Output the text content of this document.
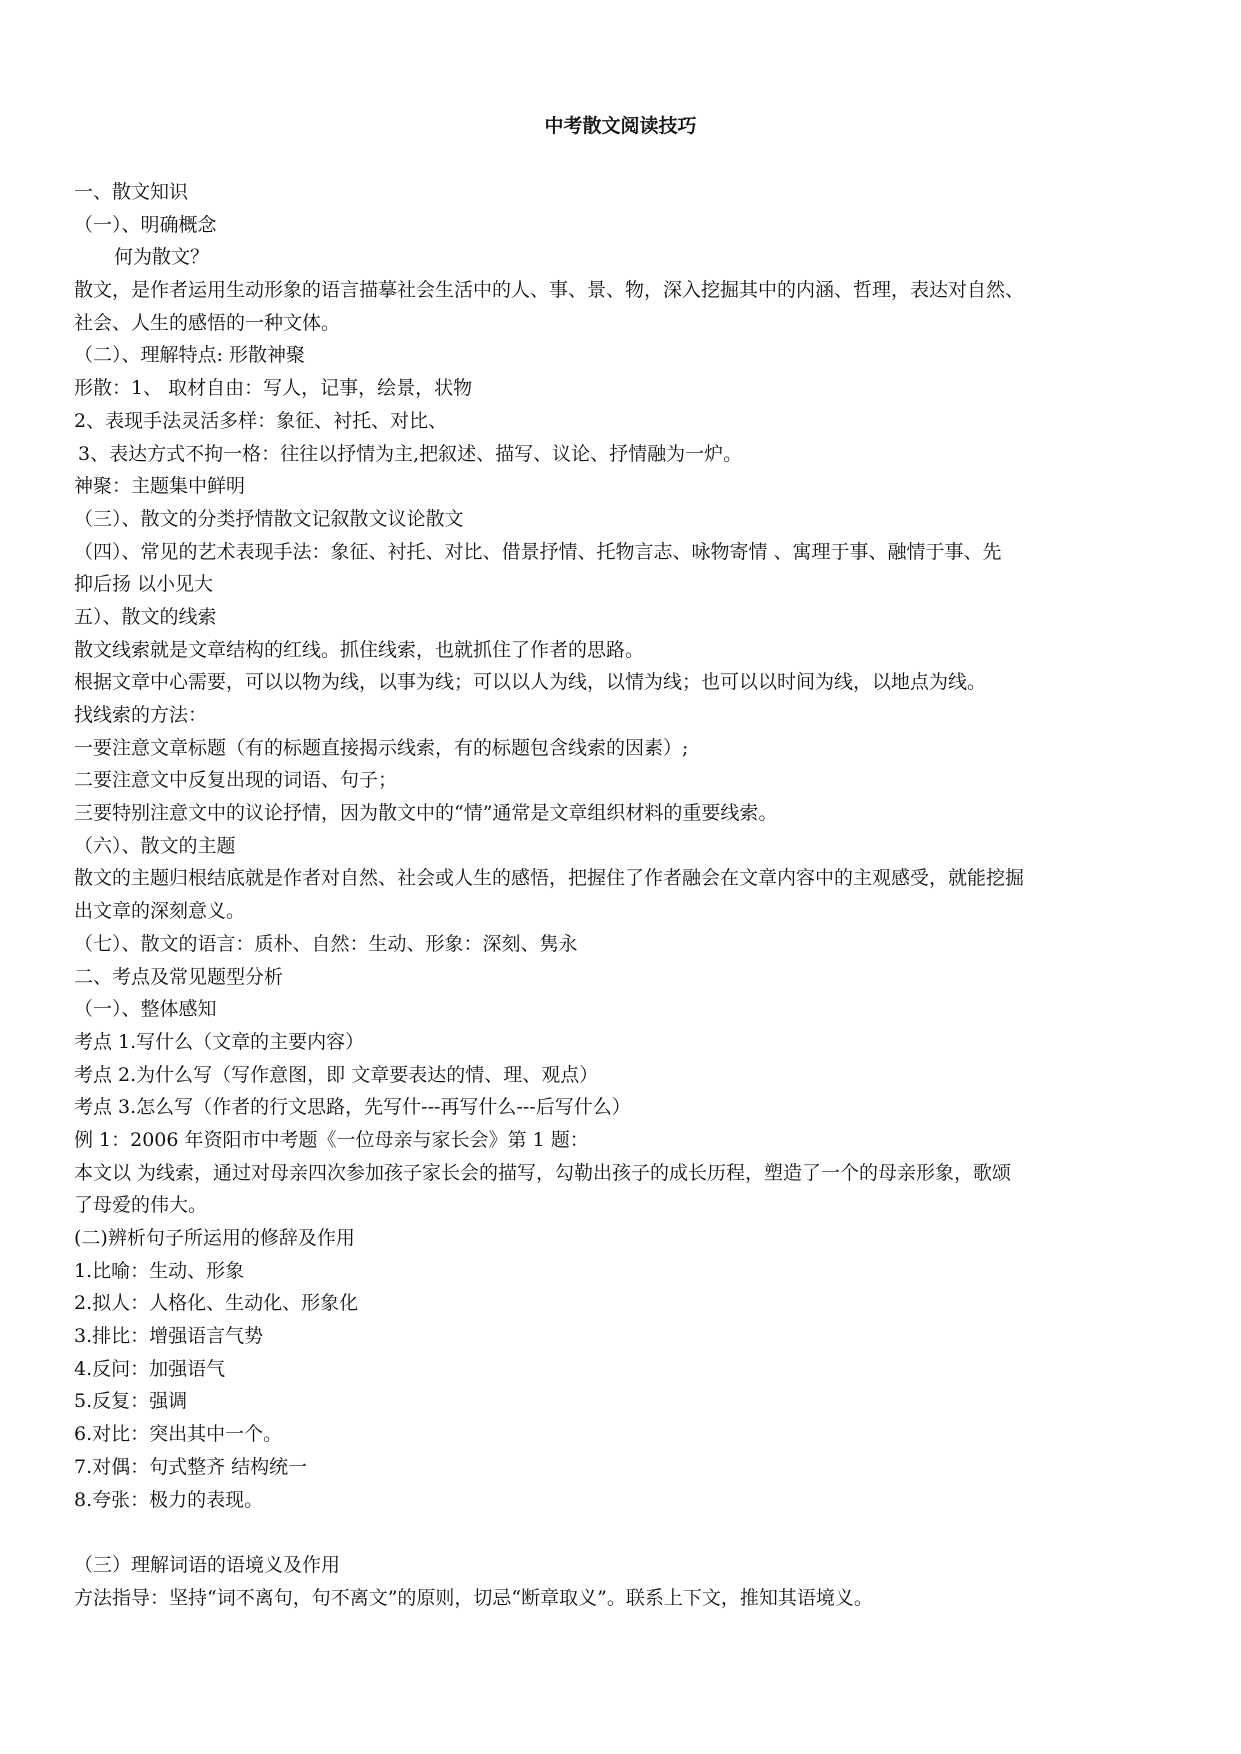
中考散文阅读技巧
一、散文知识
（一）、明确概念
何为散文？
散文，是作者运用生动形象的语言描摹社会生活中的人、事、景、物，深入挖掘其中的内涵、哲理，表达对自然、
社会、人生的感悟的一种文体。
（二）、理解特点: 形散神聚
形散：1、 取材自由：写人，记事，绘景，状物
2、表现手法灵活多样：象征、衬托、对比、
3、表达方式不拘一格：往往以抒情为主,把叙述、描写、议论、抒情融为一炉。
神聚：主题集中鲜明
（三）、散文的分类抒情散文记叙散文议论散文
（四）、常见的艺术表现手法：象征、衬托、对比、借景抒情、托物言志、咏物寄情 、寓理于事、融情于事、先
抑后扬 以小见大
五）、散文的线索
散文线索就是文章结构的红线。抓住线索，也就抓住了作者的思路。
根据文章中心需要，可以以物为线，以事为线；可以以人为线，以情为线；也可以以时间为线，以地点为线。
找线索的方法：
一要注意文章标题（有的标题直接揭示线索，有的标题包含线索的因素）;
二要注意文中反复出现的词语、句子；
三要特别注意文中的议论抒情，因为散文中的“情”通常是文章组织材料的重要线索。
（六）、散文的主题
散文的主题归根结底就是作者对自然、社会或人生的感悟，把握住了作者融会在文章内容中的主观感受，就能挖掘
出文章的深刻意义。
（七）、散文的语言：质朴、自然：生动、形象：深刻、隽永
二、考点及常见题型分析
（一）、整体感知
考点 1.写什么（文章的主要内容）
考点 2.为什么写（写作意图，即 文章要表达的情、理、观点）
考点 3.怎么写（作者的行文思路，先写什---再写什么---后写什么）
例 1：2006 年资阳市中考题《一位母亲与家长会》第 1 题：
本文以 为线索，通过对母亲四次参加孩子家长会的描写，勾勒出孩子的成长历程，塑造了一个的母亲形象，歌颂
了母爱的伟大。
(二)辨析句子所运用的修辞及作用
1.比喻：生动、形象
2.拟人：人格化、生动化、形象化
3.排比：增强语言气势
4.反问：加强语气
5.反复：强调
6.对比：突出其中一个。
7.对偶：句式整齐 结构统一
8.夸张：极力的表现。
（三）理解词语的语境义及作用
方法指导：坚持“词不离句，句不离文”的原则，切忌“断章取义”。联系上下文，推知其语境义。
